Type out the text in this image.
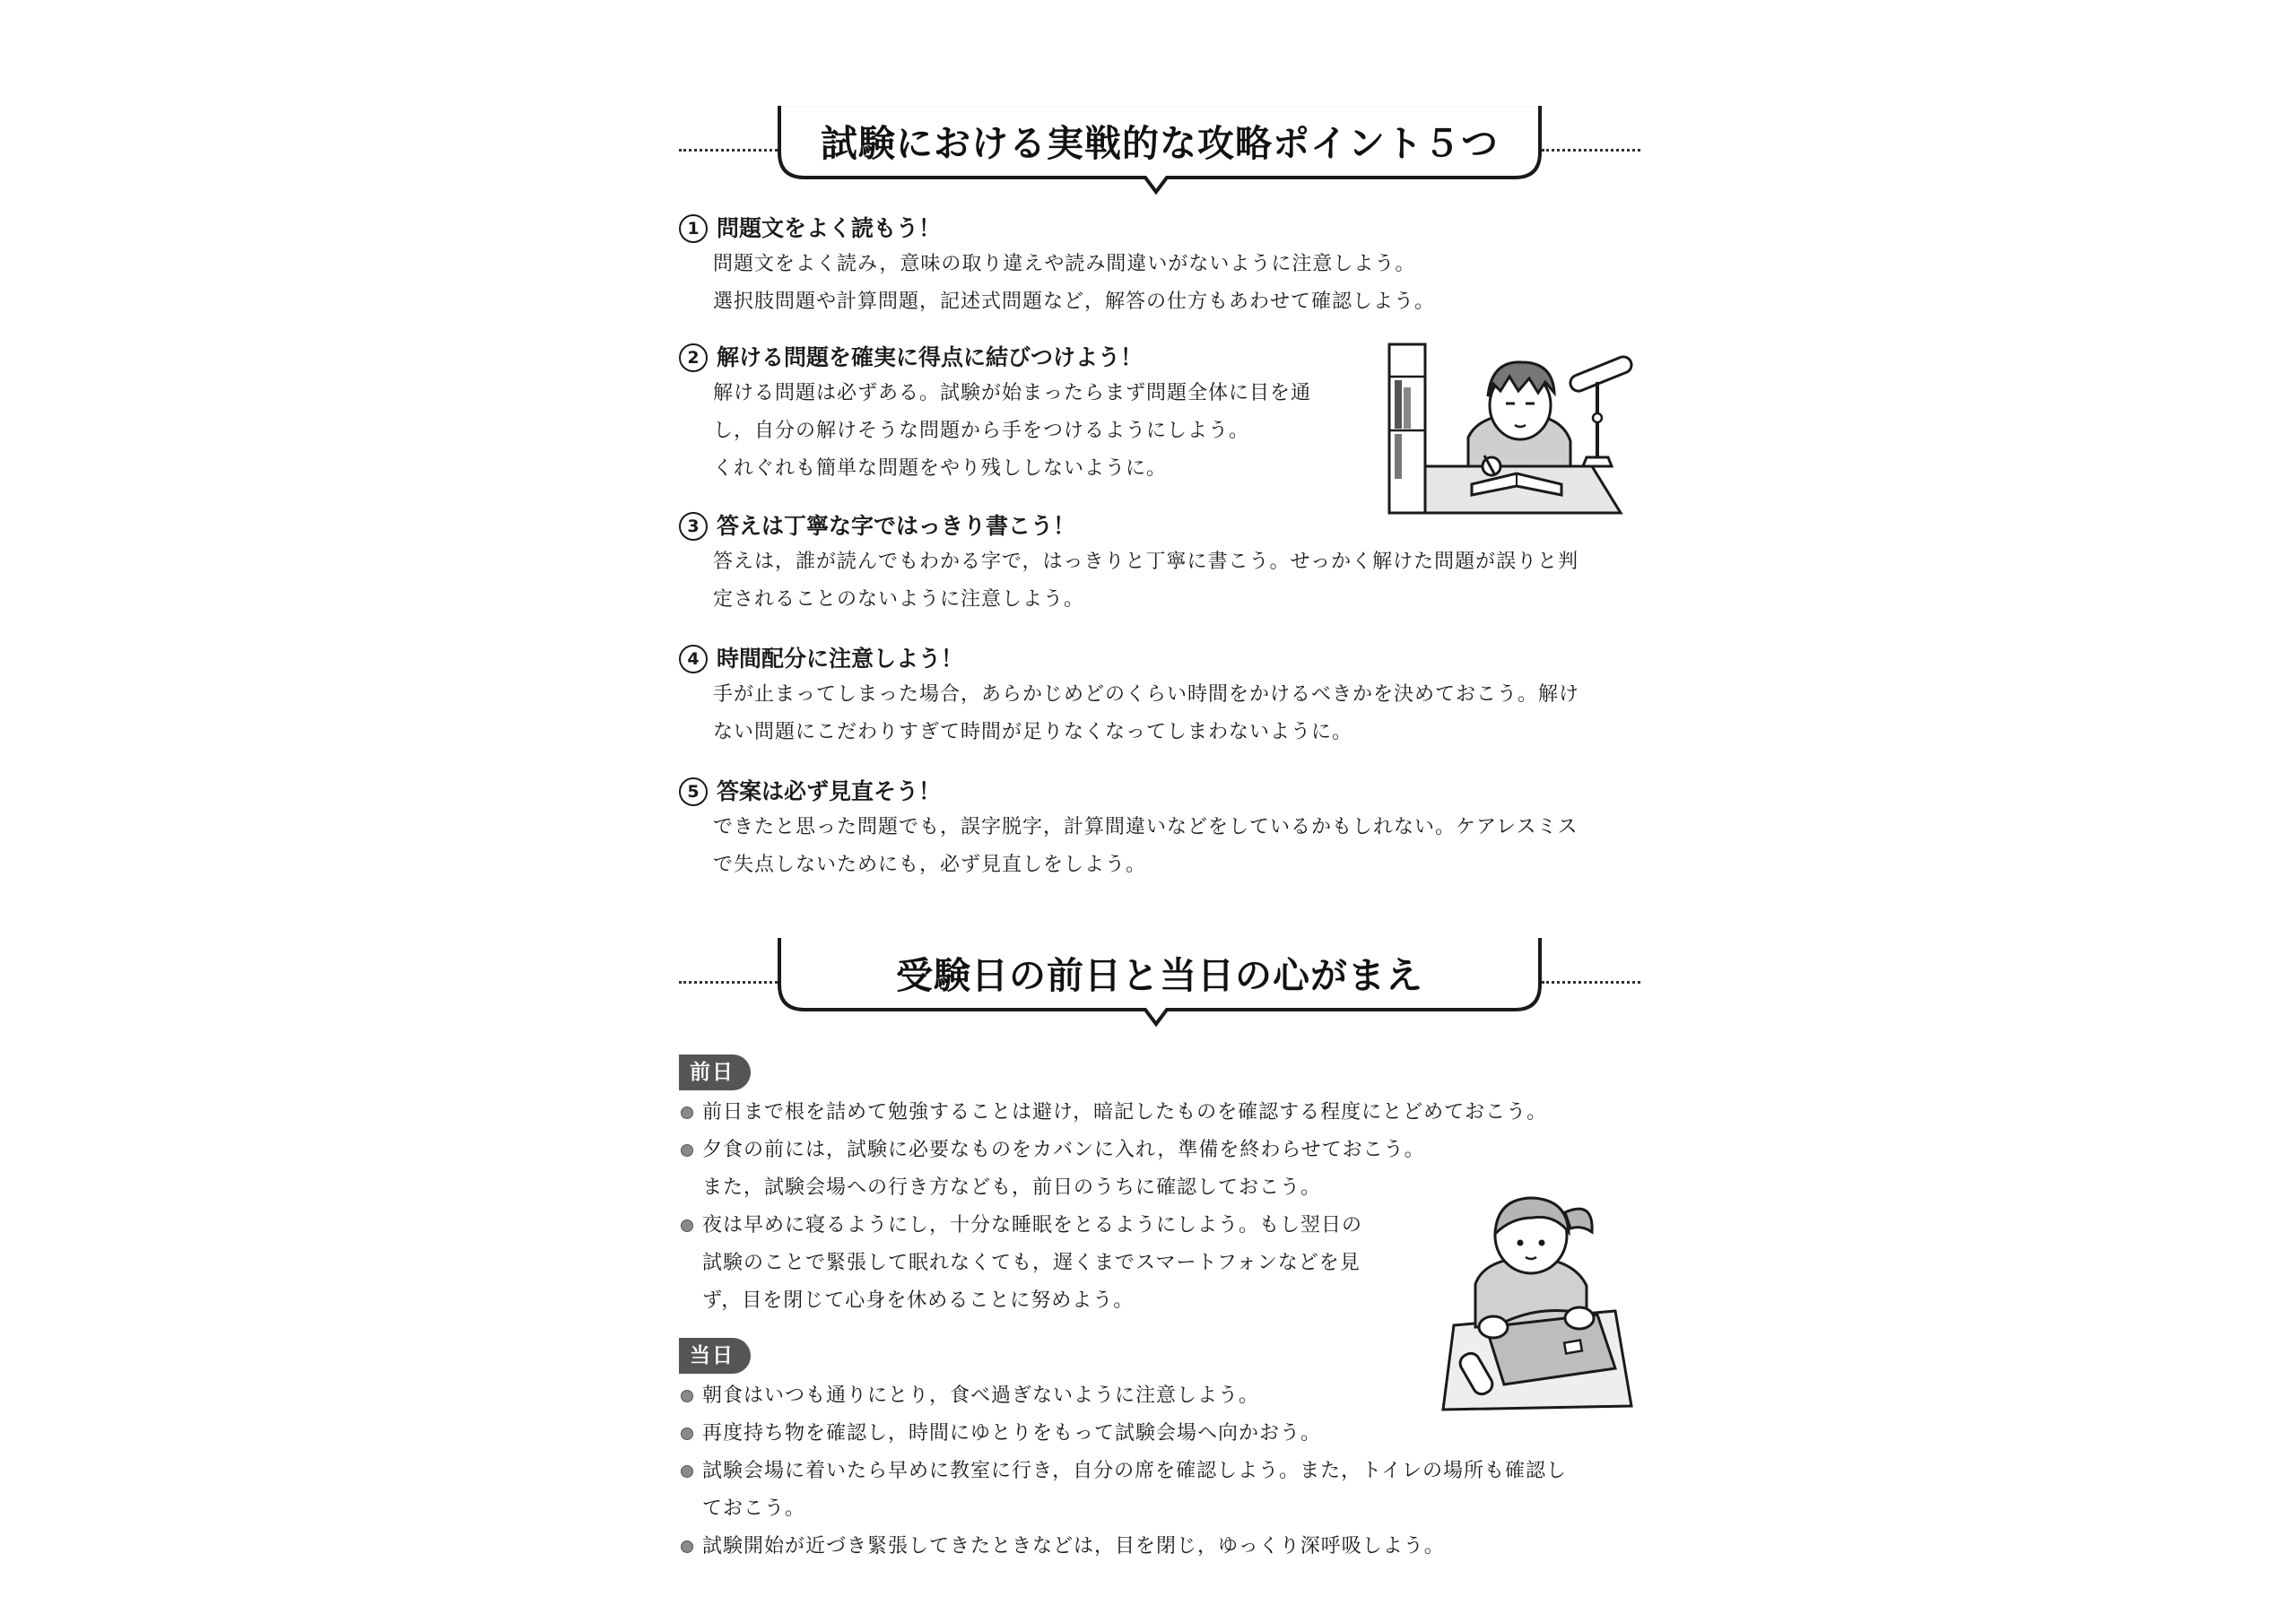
試験における実戦的な攻略ポイント５つ
1 問題文をよく読もう！
問題文をよく読み，意味の取り違えや読み間違いがないように注意しよう。
選択肢問題や計算問題，記述式問題など，解答の仕方もあわせて確認しよう。
2 解ける問題を確実に得点に結びつけよう！
解ける問題は必ずある。試験が始まったらまず問題全体に目を通
し，自分の解けそうな問題から手をつけるようにしよう。
くれぐれも簡単な問題をやり残ししないように。
3 答えは丁寧な字ではっきり書こう！
答えは，誰が読んでもわかる字で，はっきりと丁寧に書こう。せっかく解けた問題が誤りと判
定されることのないように注意しよう。
4 時間配分に注意しよう！
手が止まってしまった場合，あらかじめどのくらい時間をかけるべきかを決めておこう。解け
ない問題にこだわりすぎて時間が足りなくなってしまわないように。
5 答案は必ず見直そう！
できたと思った問題でも，誤字脱字，計算間違いなどをしているかもしれない。ケアレスミス
で失点しないためにも，必ず見直しをしよう。
受験日の前日と当日の心がまえ
前日
前日まで根を詰めて勉強することは避け，暗記したものを確認する程度にとどめておこう。
夕食の前には，試験に必要なものをカバンに入れ，準備を終わらせておこう。
また，試験会場への行き方なども，前日のうちに確認しておこう。
夜は早めに寝るようにし，十分な睡眠をとるようにしよう。もし翌日の
試験のことで緊張して眠れなくても，遅くまでスマートフォンなどを見
ず，目を閉じて心身を休めることに努めよう。
当日
朝食はいつも通りにとり，食べ過ぎないように注意しよう。
再度持ち物を確認し，時間にゆとりをもって試験会場へ向かおう。
試験会場に着いたら早めに教室に行き，自分の席を確認しよう。また，トイレの場所も確認し
ておこう。
試験開始が近づき緊張してきたときなどは，目を閉じ，ゆっくり深呼吸しよう。
